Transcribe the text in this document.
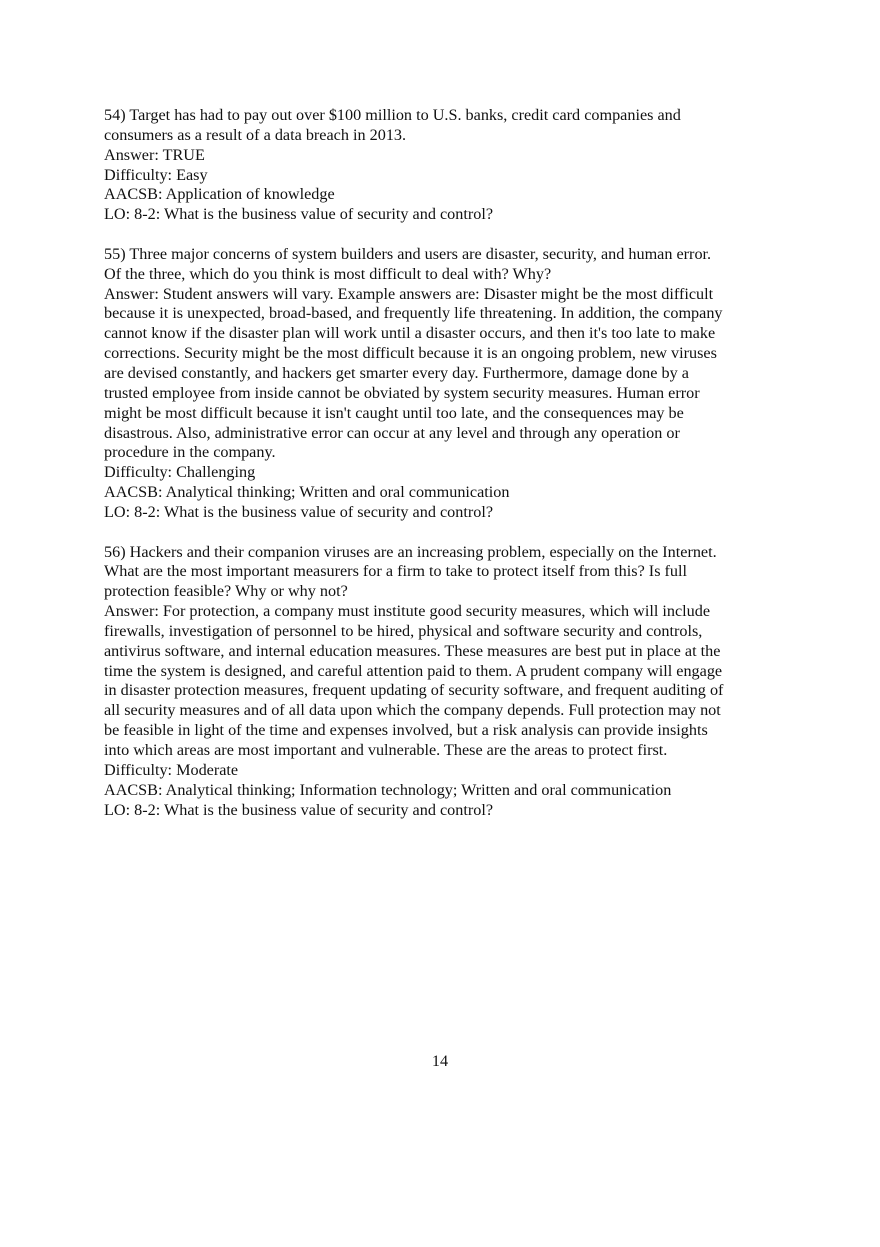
54) Target has had to pay out over $100 million to U.S. banks, credit card companies and
consumers as a result of a data breach in 2013.
Answer: TRUE
Difficulty: Easy
AACSB: Application of knowledge
LO: 8-2: What is the business value of security and control?
55) Three major concerns of system builders and users are disaster, security, and human error.
Of the three, which do you think is most difficult to deal with? Why?
Answer: Student answers will vary. Example answers are: Disaster might be the most difficult
because it is unexpected, broad-based, and frequently life threatening. In addition, the company
cannot know if the disaster plan will work until a disaster occurs, and then it's too late to make
corrections. Security might be the most difficult because it is an ongoing problem, new viruses
are devised constantly, and hackers get smarter every day. Furthermore, damage done by a
trusted employee from inside cannot be obviated by system security measures. Human error
might be most difficult because it isn't caught until too late, and the consequences may be
disastrous. Also, administrative error can occur at any level and through any operation or
procedure in the company.
Difficulty: Challenging
AACSB: Analytical thinking; Written and oral communication
LO: 8-2: What is the business value of security and control?
56) Hackers and their companion viruses are an increasing problem, especially on the Internet.
What are the most important measurers for a firm to take to protect itself from this? Is full
protection feasible? Why or why not?
Answer: For protection, a company must institute good security measures, which will include
firewalls, investigation of personnel to be hired, physical and software security and controls,
antivirus software, and internal education measures. These measures are best put in place at the
time the system is designed, and careful attention paid to them. A prudent company will engage
in disaster protection measures, frequent updating of security software, and frequent auditing of
all security measures and of all data upon which the company depends. Full protection may not
be feasible in light of the time and expenses involved, but a risk analysis can provide insights
into which areas are most important and vulnerable. These are the areas to protect first.
Difficulty: Moderate
AACSB: Analytical thinking; Information technology; Written and oral communication
LO: 8-2: What is the business value of security and control?
14
